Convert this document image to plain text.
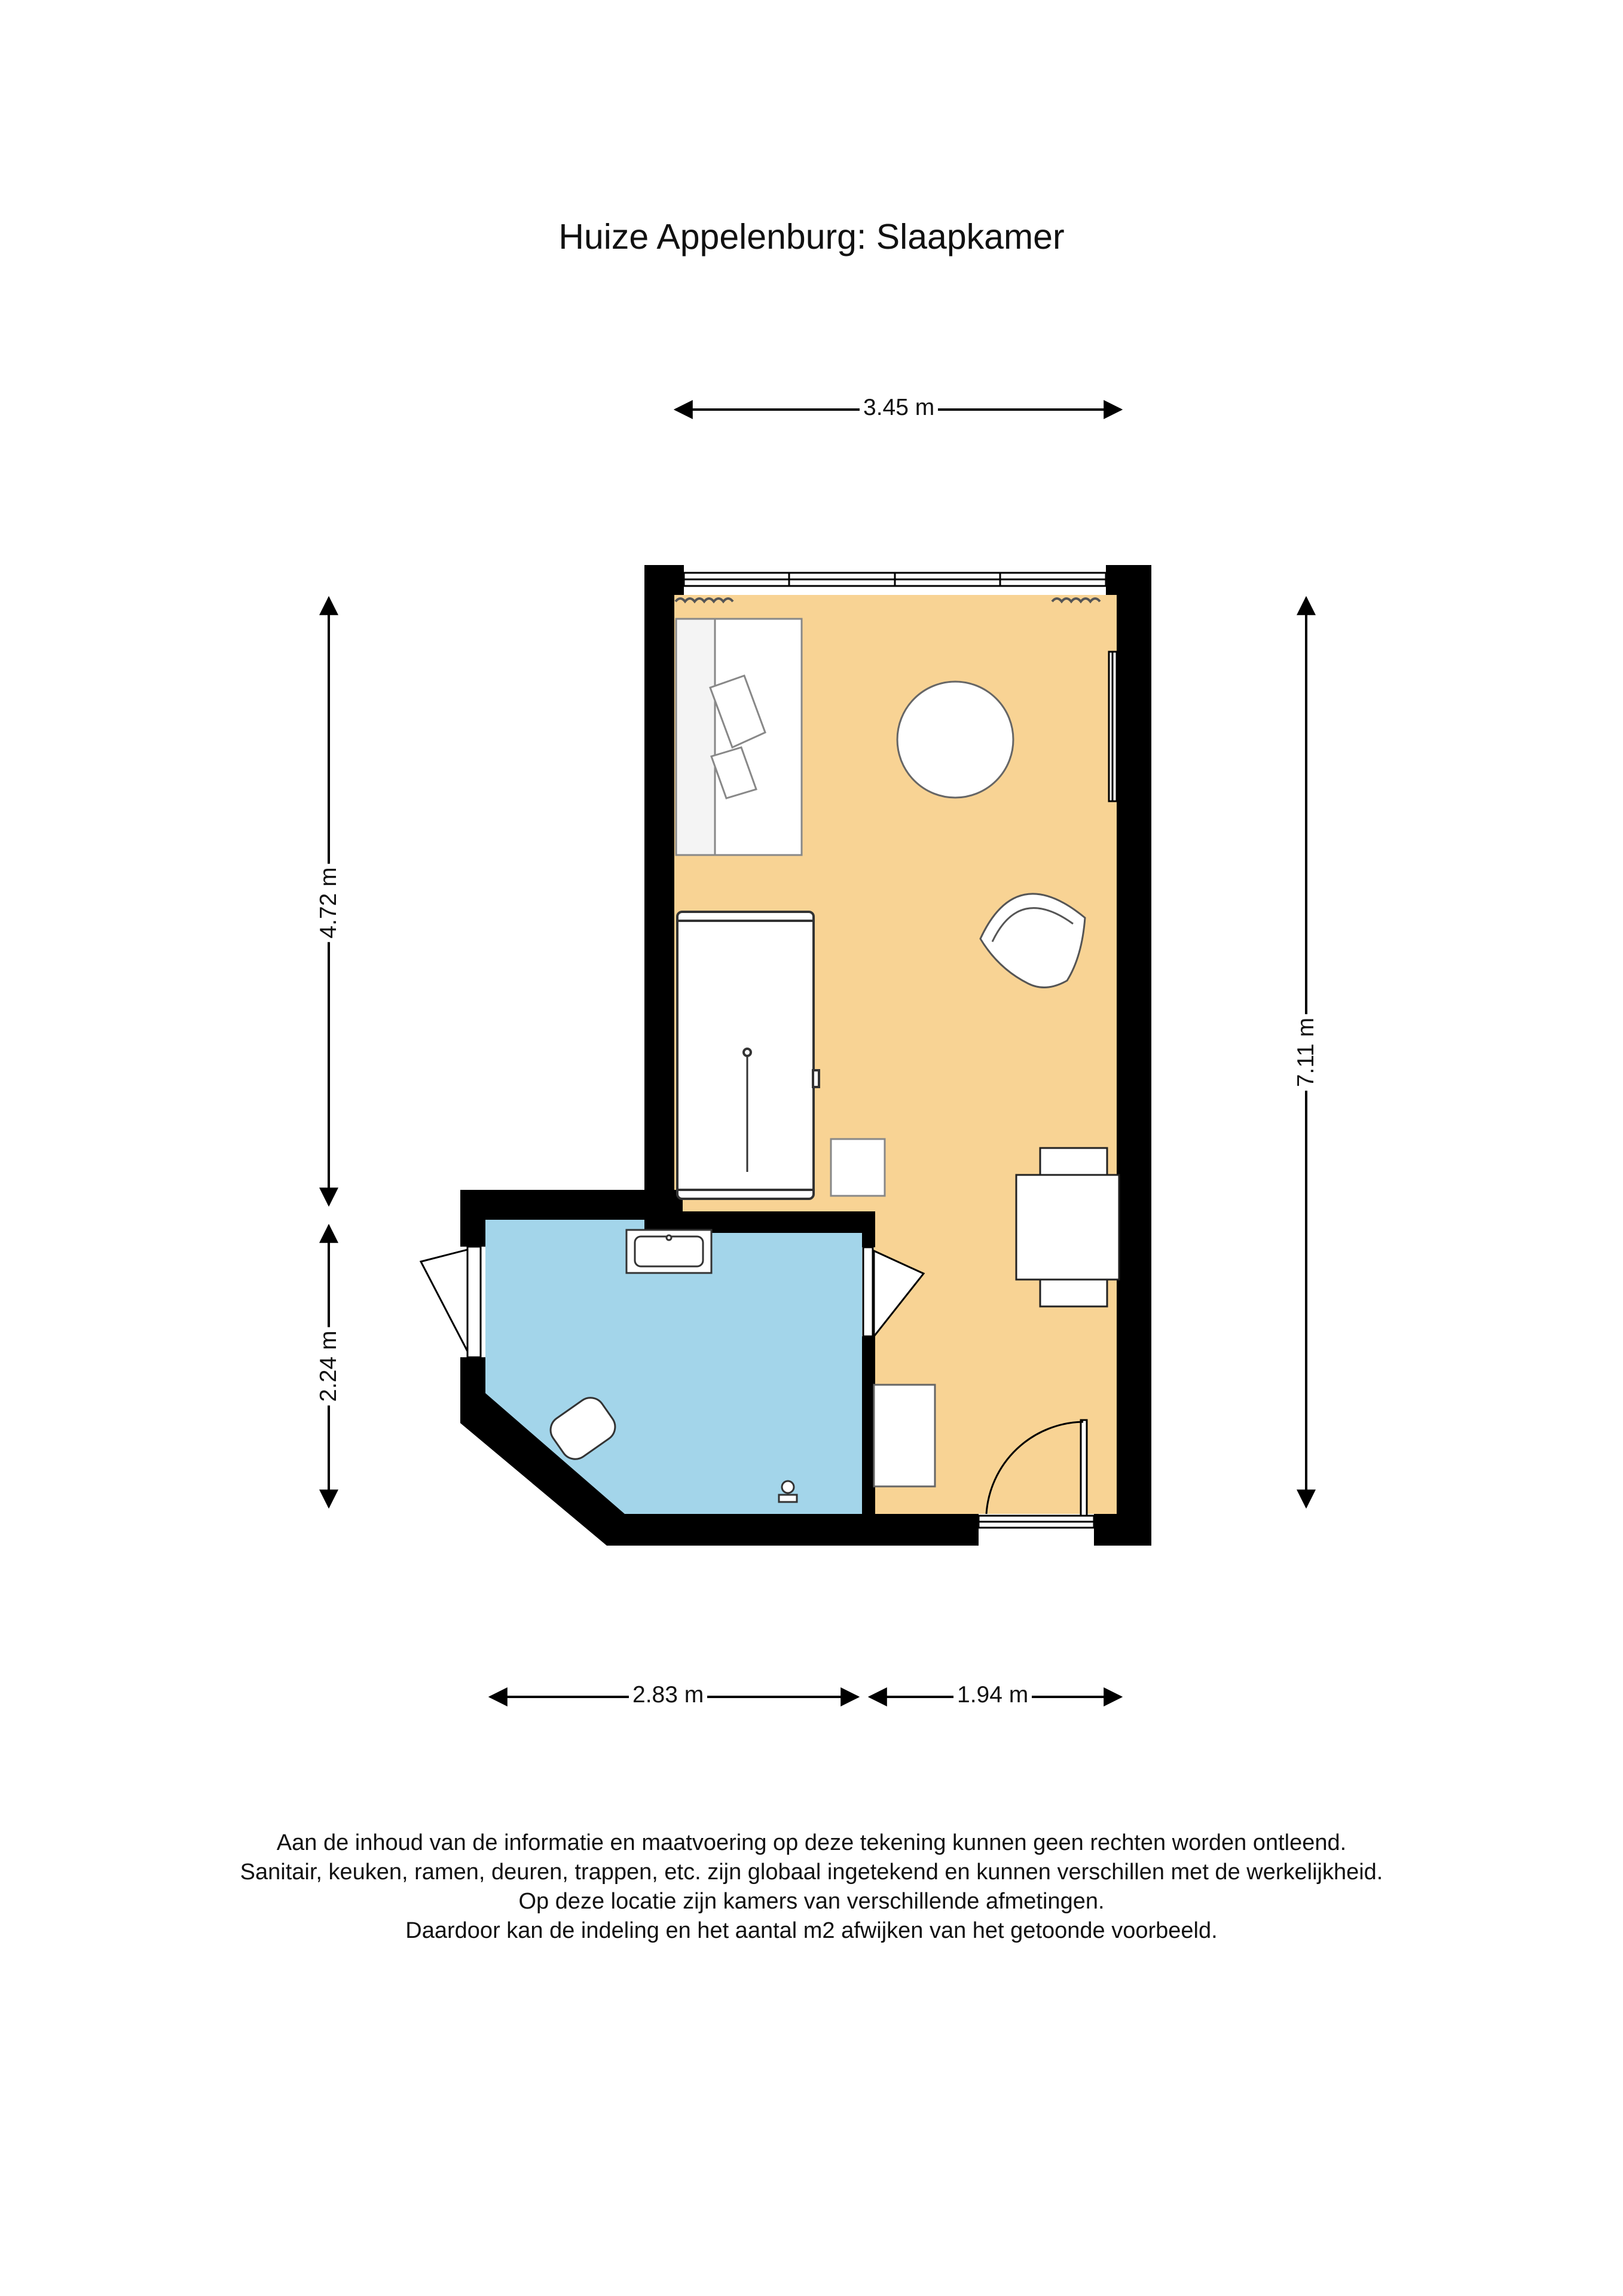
Huize Appelenburg: Slaapkamer
3.45 m
4.72 m
2.24 m
7.11 m
2.83 m	1.94 m
Aan de inhoud van de informatie en maatvoering op deze tekening kunnen geen rechten worden ontleend.
Sanitair, keuken, ramen, deuren, trappen, etc. zijn globaal ingetekend en kunnen verschillen met de werkelijkheid.
Op deze locatie zijn kamers van verschillende afmetingen.
Daardoor kan de indeling en het aantal m2 afwijken van het getoonde voorbeeld.
